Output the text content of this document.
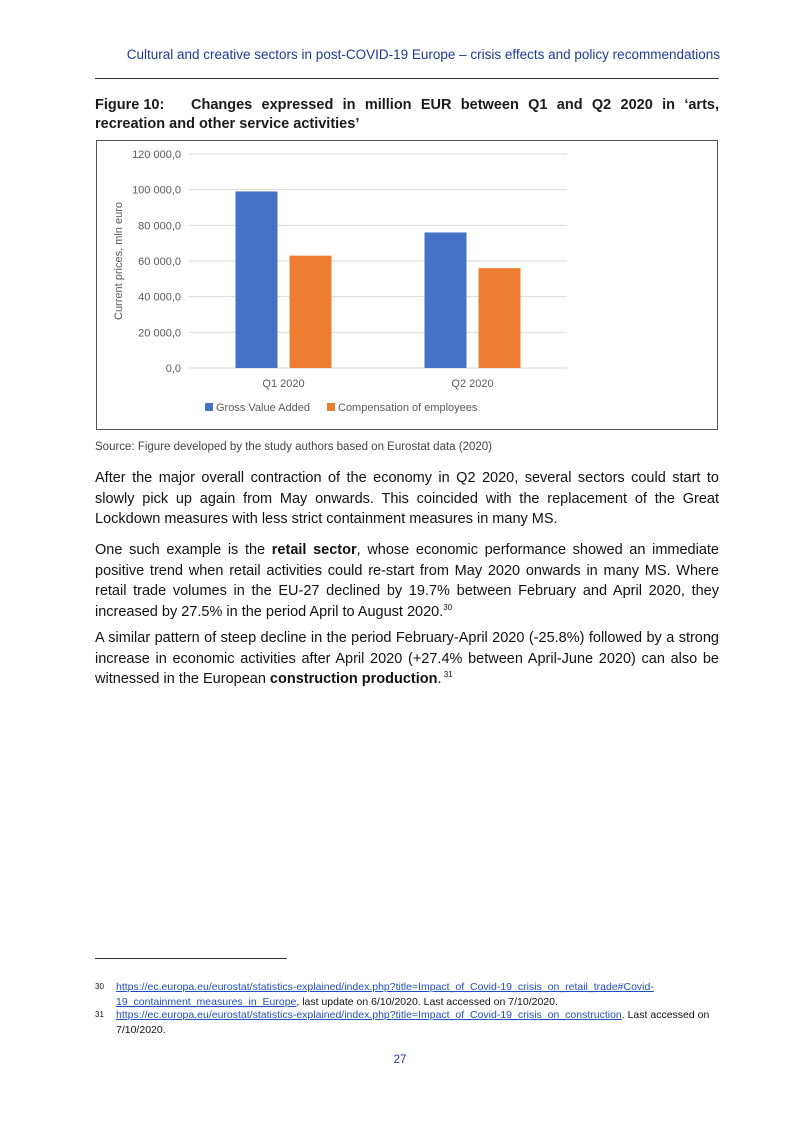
Cultural and creative sectors in post-COVID-19 Europe – crisis effects and policy recommendations
Figure 10: Changes expressed in million EUR between Q1 and Q2 2020 in ‘arts, recreation and other service activities’
0,0
20 000,0
40 000,0
60 000,0
80 000,0
100 000,0
120 000,0
Current prices, mln euro
Q1 2020	Q2 2020
Gross Value Added	Compensation of employees
Source: Figure developed by the study authors based on Eurostat data (2020)
After the major overall contraction of the economy in Q2 2020, several sectors could start to slowly pick up again from May onwards. This coincided with the replacement of the Great Lockdown measures with less strict containment measures in many MS.
One such example is the retail sector, whose economic performance showed an immediate positive trend when retail activities could re-start from May 2020 onwards in many MS. Where retail trade volumes in the EU-27 declined by 19.7% between February and April 2020, they increased by 27.5% in the period April to August 2020.30
A similar pattern of steep decline in the period February-April 2020 (-25.8%) followed by a strong increase in economic activities after April 2020 (+27.4% between April-June 2020) can also be witnessed in the European construction production. $^{31}$
30 https://ec.europa.eu/eurostat/statistics-explained/index.php?title=Impact_of_Covid-19_crisis_on_retail_trade#Covid-19_containment_measures_in_Europe, last update on 6/10/2020. Last accessed on 7/10/2020.
31 https://ec.europa.eu/eurostat/statistics-explained/index.php?title=Impact_of_Covid-19_crisis_on_construction. Last accessed on 7/10/2020.
27
